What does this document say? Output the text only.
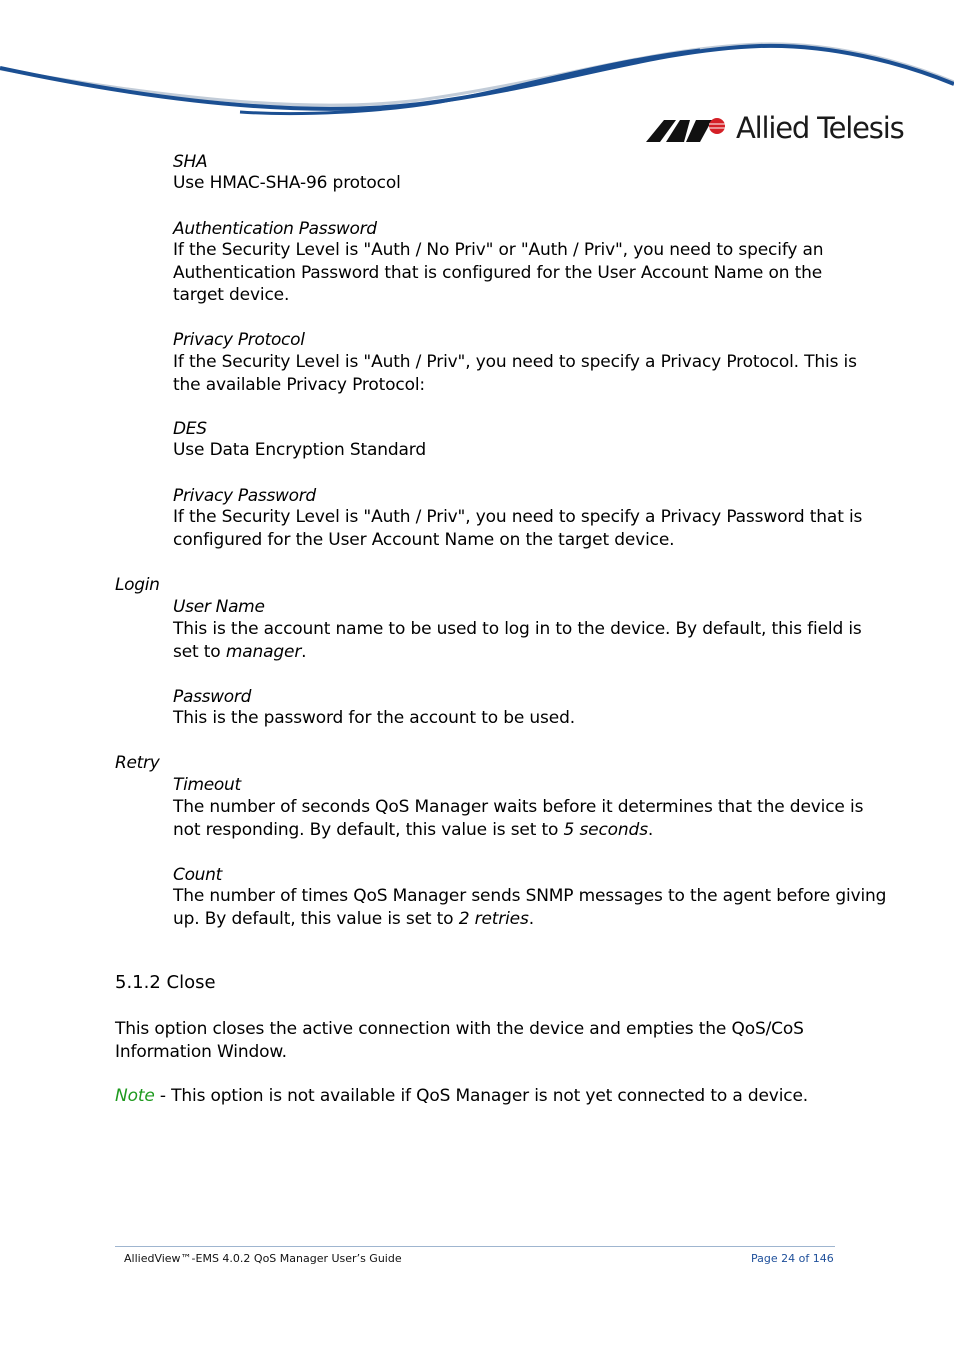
Allied Telesis
SHA
Use HMAC-SHA-96 protocol
Authentication Password
If the Security Level is "Auth / No Priv" or "Auth / Priv", you need to specify an
Authentication Password that is configured for the User Account Name on the
target device.
Privacy Protocol
If the Security Level is "Auth / Priv", you need to specify a Privacy Protocol. This is
the available Privacy Protocol:
DES
Use Data Encryption Standard
Privacy Password
If the Security Level is "Auth / Priv", you need to specify a Privacy Password that is
configured for the User Account Name on the target device.
Login
User Name
This is the account name to be used to log in to the device. By default, this field is
set to manager.
Password
This is the password for the account to be used.
Retry
Timeout
The number of seconds QoS Manager waits before it determines that the device is
not responding. By default, this value is set to 5 seconds.
Count
The number of times QoS Manager sends SNMP messages to the agent before giving
up. By default, this value is set to 2 retries.
5.1.2 Close
This option closes the active connection with the device and empties the QoS/CoS
Information Window.
Note - This option is not available if QoS Manager is not yet connected to a device.
AlliedView™-EMS 4.0.2 QoS Manager User’s Guide	Page 24 of 146
